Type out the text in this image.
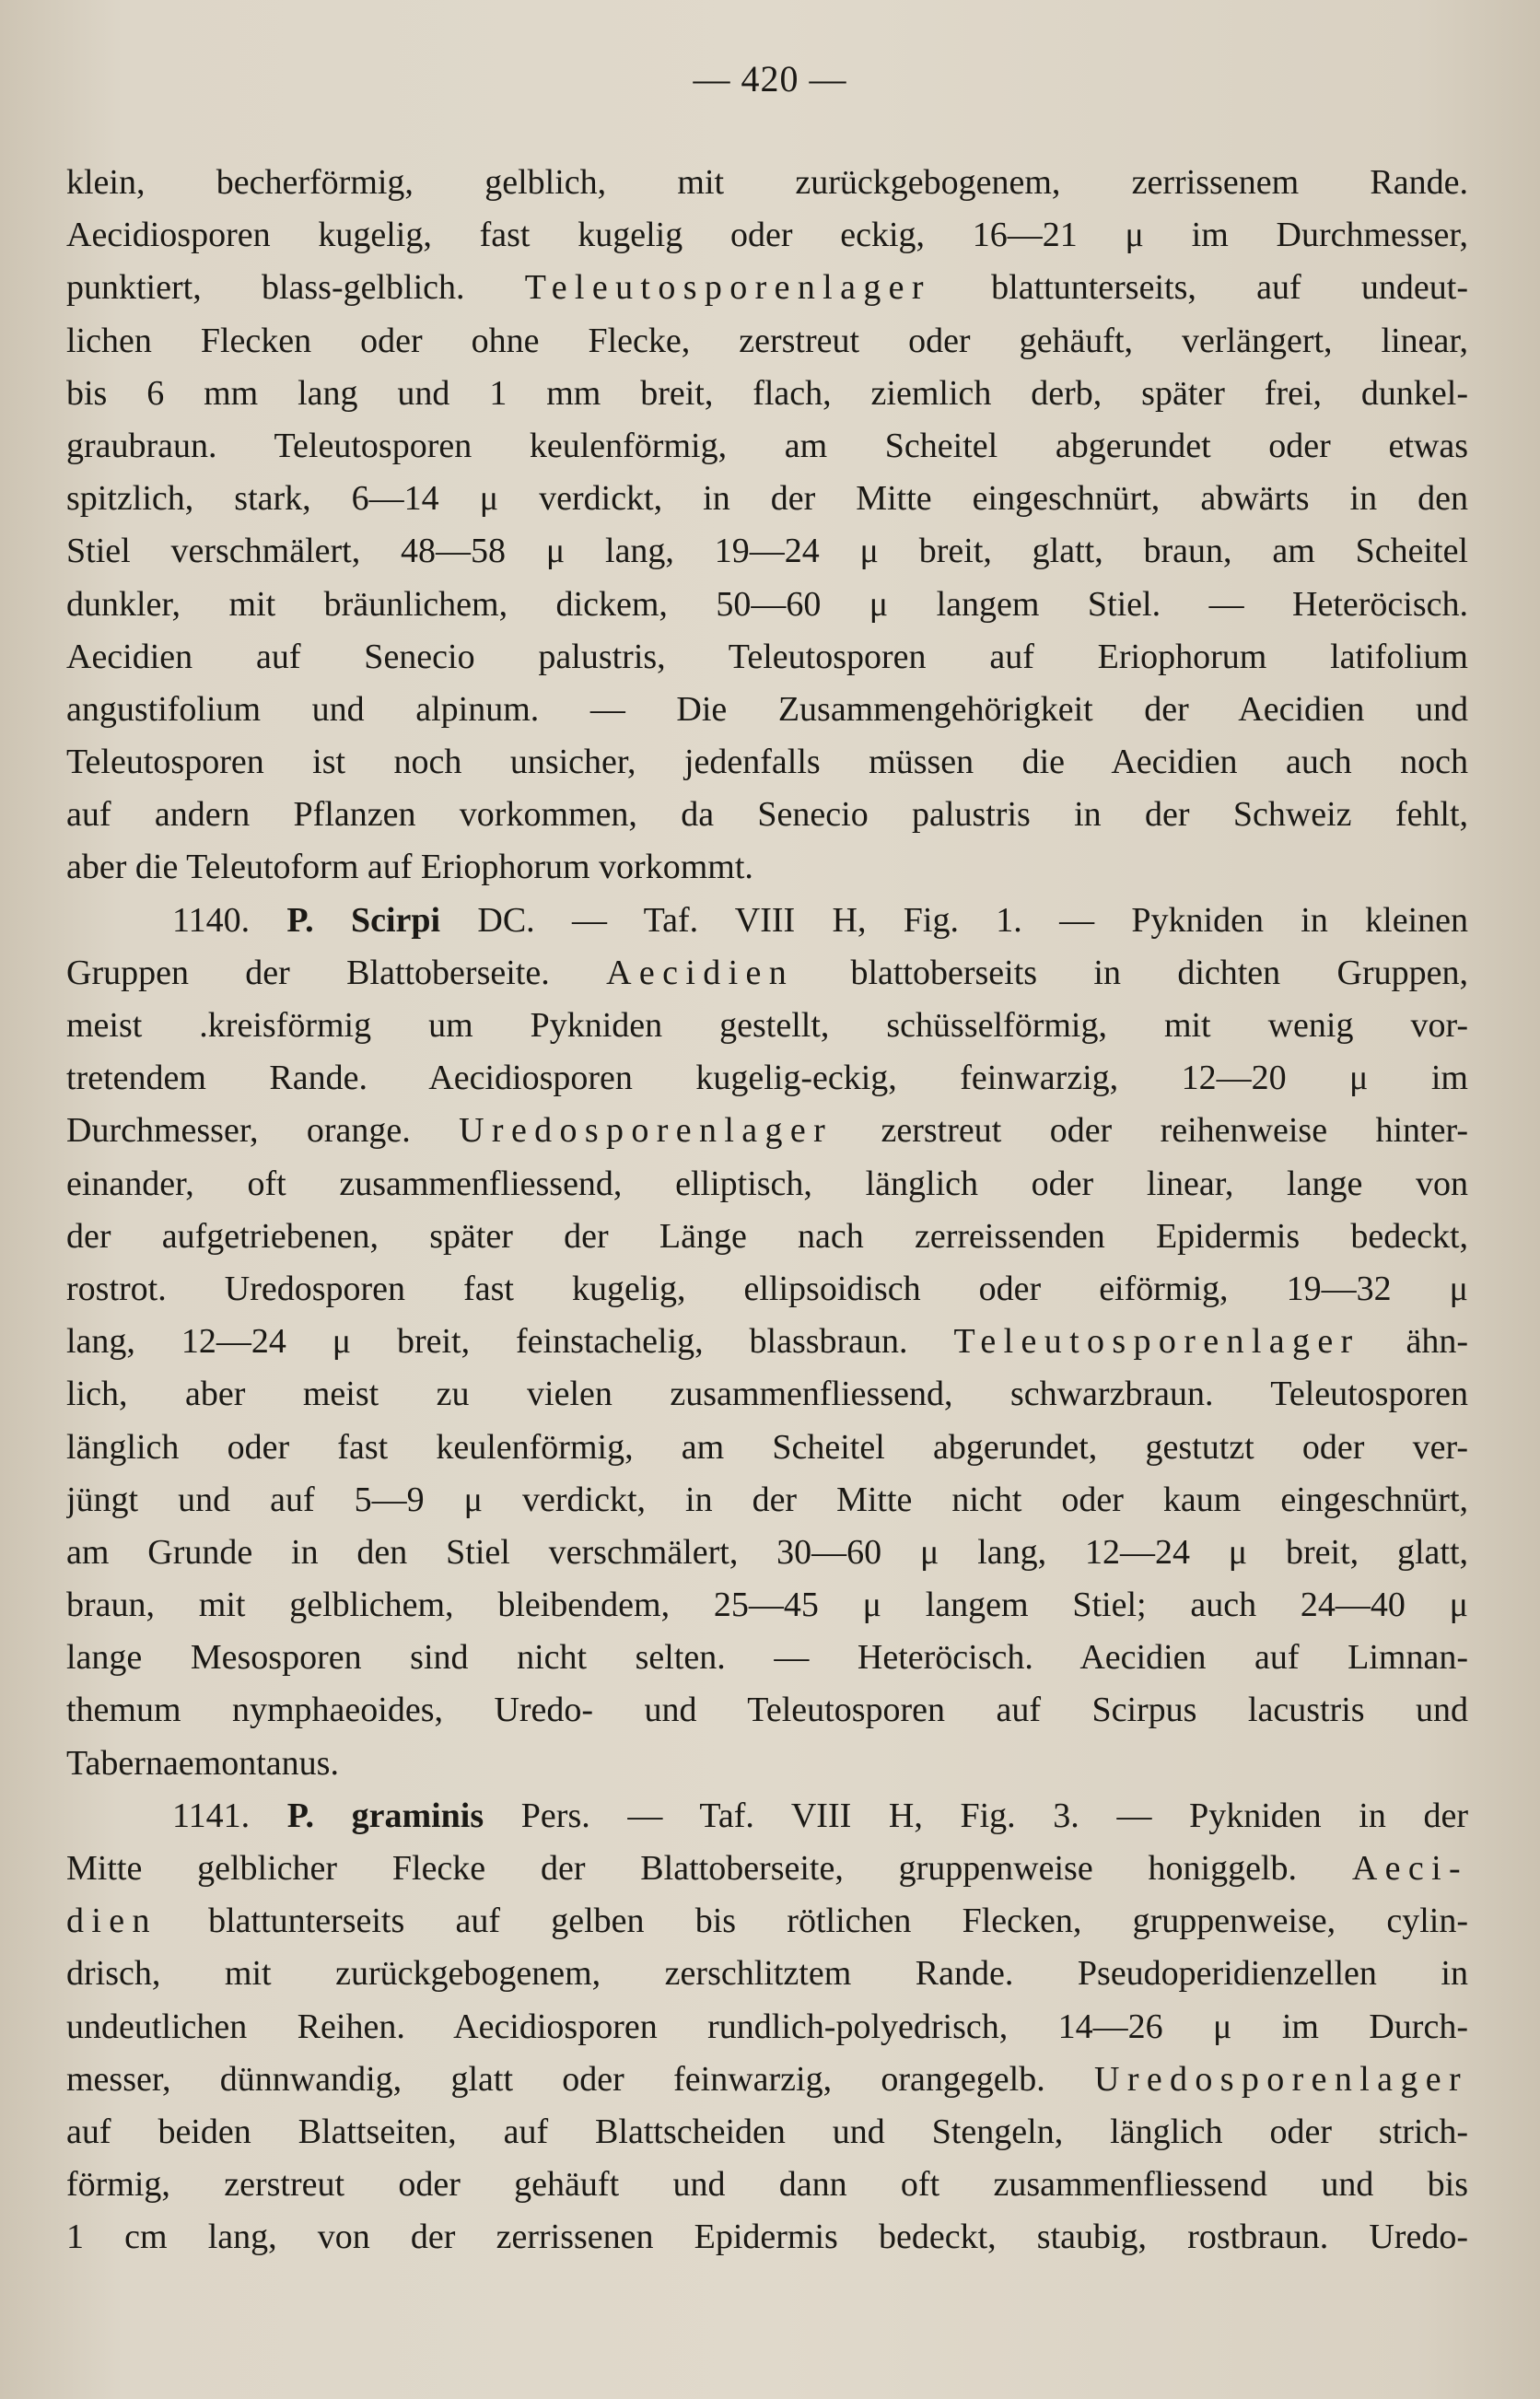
— 420 —
klein, becherförmig, gelblich, mit zurückgebogenem, zerrissenem Rande.
Aecidiosporen kugelig, fast kugelig oder eckig, 16—21 μ im Durchmesser,
punktiert, blass-gelblich. Teleutosporenlager blattunterseits, auf undeut-
lichen Flecken oder ohne Flecke, zerstreut oder gehäuft, verlängert, linear,
bis 6 mm lang und 1 mm breit, flach, ziemlich derb, später frei, dunkel-
graubraun. Teleutosporen keulenförmig, am Scheitel abgerundet oder etwas
spitzlich, stark, 6—14 μ verdickt, in der Mitte eingeschnürt, abwärts in den
Stiel verschmälert, 48—58 μ lang, 19—24 μ breit, glatt, braun, am Scheitel
dunkler, mit bräunlichem, dickem, 50—60 μ langem Stiel. — Heteröcisch.
Aecidien auf Senecio palustris, Teleutosporen auf Eriophorum latifolium
angustifolium und alpinum. — Die Zusammengehörigkeit der Aecidien und
Teleutosporen ist noch unsicher, jedenfalls müssen die Aecidien auch noch
auf andern Pflanzen vorkommen, da Senecio palustris in der Schweiz fehlt,
aber die Teleutoform auf Eriophorum vorkommt.
1140. P. Scirpi DC. — Taf. VIII H, Fig. 1. — Pykniden in kleinen
Gruppen der Blattoberseite. Aecidien blattoberseits in dichten Gruppen,
meist .kreisförmig um Pykniden gestellt, schüsselförmig, mit wenig vor-
tretendem Rande. Aecidiosporen kugelig-eckig, feinwarzig, 12—20 μ im
Durchmesser, orange. Uredosporenlager zerstreut oder reihenweise hinter-
einander, oft zusammenfliessend, elliptisch, länglich oder linear, lange von
der aufgetriebenen, später der Länge nach zerreissenden Epidermis bedeckt,
rostrot. Uredosporen fast kugelig, ellipsoidisch oder eiförmig, 19—32 μ
lang, 12—24 μ breit, feinstachelig, blassbraun. Teleutosporenlager ähn-
lich, aber meist zu vielen zusammenfliessend, schwarzbraun. Teleutosporen
länglich oder fast keulenförmig, am Scheitel abgerundet, gestutzt oder ver-
jüngt und auf 5—9 μ verdickt, in der Mitte nicht oder kaum eingeschnürt,
am Grunde in den Stiel verschmälert, 30—60 μ lang, 12—24 μ breit, glatt,
braun, mit gelblichem, bleibendem, 25—45 μ langem Stiel; auch 24—40 μ
lange Mesosporen sind nicht selten. — Heteröcisch. Aecidien auf Limnan-
themum nymphaeoides, Uredo- und Teleutosporen auf Scirpus lacustris und
Tabernaemontanus.
1141. P. graminis Pers. — Taf. VIII H, Fig. 3. — Pykniden in der
Mitte gelblicher Flecke der Blattoberseite, gruppenweise honiggelb. Aeci-
dien blattunterseits auf gelben bis rötlichen Flecken, gruppenweise, cylin-
drisch, mit zurückgebogenem, zerschlitztem Rande. Pseudoperidienzellen in
undeutlichen Reihen. Aecidiosporen rundlich-polyedrisch, 14—26 μ im Durch-
messer, dünnwandig, glatt oder feinwarzig, orangegelb. Uredosporenlager
auf beiden Blattseiten, auf Blattscheiden und Stengeln, länglich oder strich-
förmig, zerstreut oder gehäuft und dann oft zusammenfliessend und bis
1 cm lang, von der zerrissenen Epidermis bedeckt, staubig, rostbraun. Uredo-
